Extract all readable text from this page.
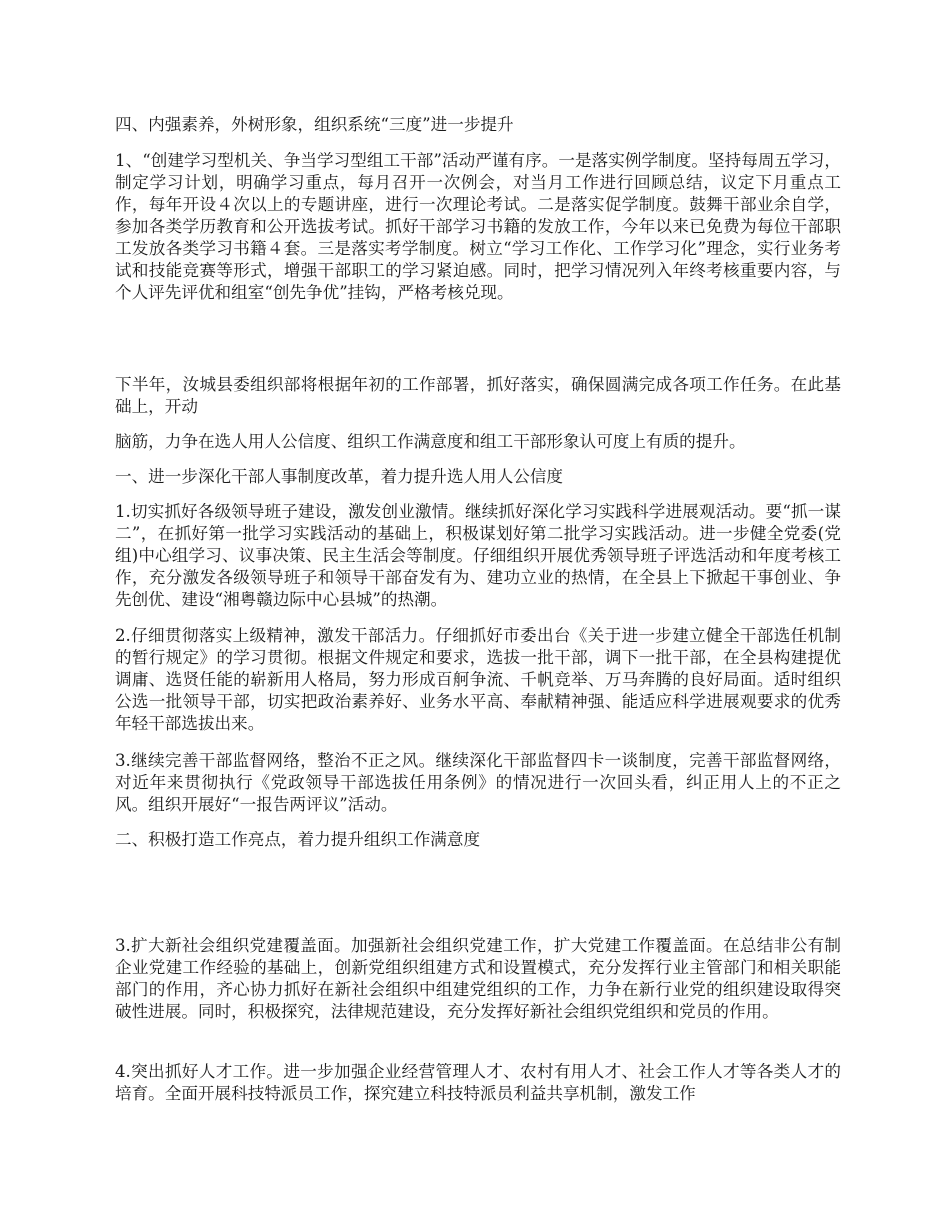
四、内强素养，外树形象，组织系统“三度”进一步提升

1、“创建学习型机关、争当学习型组工干部”活动严谨有序。一是落实例学制度。坚持每周五学习，制定学习计划，明确学习重点，每月召开一次例会，对当月工作进行回顾总结，议定下月重点工作，每年开设４次以上的专题讲座，进行一次理论考试。二是落实促学制度。鼓舞干部业余自学，参加各类学历教育和公开选拔考试。抓好干部学习书籍的发放工作，今年以来已免费为每位干部职工发放各类学习书籍４套。三是落实考学制度。树立“学习工作化、工作学习化”理念，实行业务考试和技能竞赛等形式，增强干部职工的学习紧迫感。同时，把学习情况列入年终考核重要内容，与个人评先评优和组室“创先争优”挂钩，严格考核兑现。

下半年，汝城县委组织部将根据年初的工作部署，抓好落实，确保圆满完成各项工作任务。在此基础上，开动

脑筋，力争在选人用人公信度、组织工作满意度和组工干部形象认可度上有质的提升。

一、进一步深化干部人事制度改革，着力提升选人用人公信度

1.切实抓好各级领导班子建设，激发创业激情。继续抓好深化学习实践科学进展观活动。要“抓一谋二”，在抓好第一批学习实践活动的基础上，积极谋划好第二批学习实践活动。进一步健全党委(党组)中心组学习、议事决策、民主生活会等制度。仔细组织开展优秀领导班子评选活动和年度考核工作，充分激发各级领导班子和领导干部奋发有为、建功立业的热情，在全县上下掀起干事创业、争先创优、建设“湘粤赣边际中心县城”的热潮。

2.仔细贯彻落实上级精神，激发干部活力。仔细抓好市委出台《关于进一步建立健全干部选任机制的暂行规定》的学习贯彻。根据文件规定和要求，选拔一批干部，调下一批干部，在全县构建提优调庸、选贤任能的崭新用人格局，努力形成百舸争流、千帆竞举、万马奔腾的良好局面。适时组织公选一批领导干部，切实把政治素养好、业务水平高、奉献精神强、能适应科学进展观要求的优秀年轻干部选拔出来。

3.继续完善干部监督网络，整治不正之风。继续深化干部监督四卡一谈制度，完善干部监督网络，对近年来贯彻执行《党政领导干部选拔任用条例》的情况进行一次回头看，纠正用人上的不正之风。组织开展好“一报告两评议”活动。

二、积极打造工作亮点，着力提升组织工作满意度

3.扩大新社会组织党建覆盖面。加强新社会组织党建工作，扩大党建工作覆盖面。在总结非公有制企业党建工作经验的基础上，创新党组织组建方式和设置模式，充分发挥行业主管部门和相关职能部门的作用，齐心协力抓好在新社会组织中组建党组织的工作，力争在新行业党的组织建设取得突破性进展。同时，积极探究，法律规范建设，充分发挥好新社会组织党组织和党员的作用。

4.突出抓好人才工作。进一步加强企业经营管理人才、农村有用人才、社会工作人才等各类人才的培育。全面开展科技特派员工作，探究建立科技特派员利益共享机制，激发工作
